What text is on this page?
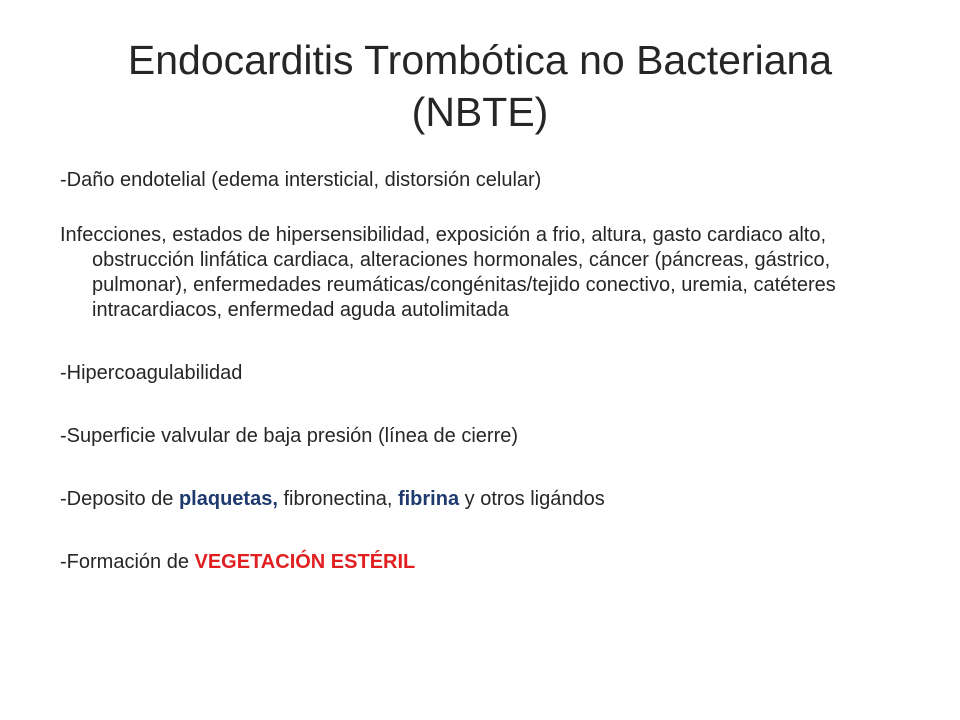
Endocarditis Trombótica no Bacteriana
(NBTE)

-Daño endotelial (edema intersticial, distorsión celular)

Infecciones, estados de hipersensibilidad, exposición a frio, altura, gasto cardiaco alto, obstrucción linfática cardiaca, alteraciones hormonales, cáncer (páncreas, gástrico, pulmonar), enfermedades reumáticas/congénitas/tejido conectivo, uremia, catéteres intracardiacos, enfermedad aguda autolimitada

-Hipercoagulabilidad

-Superficie valvular de baja presión (línea de cierre)

-Deposito de plaquetas, fibronectina, fibrina y otros ligándos

-Formación de VEGETACIÓN ESTÉRIL
